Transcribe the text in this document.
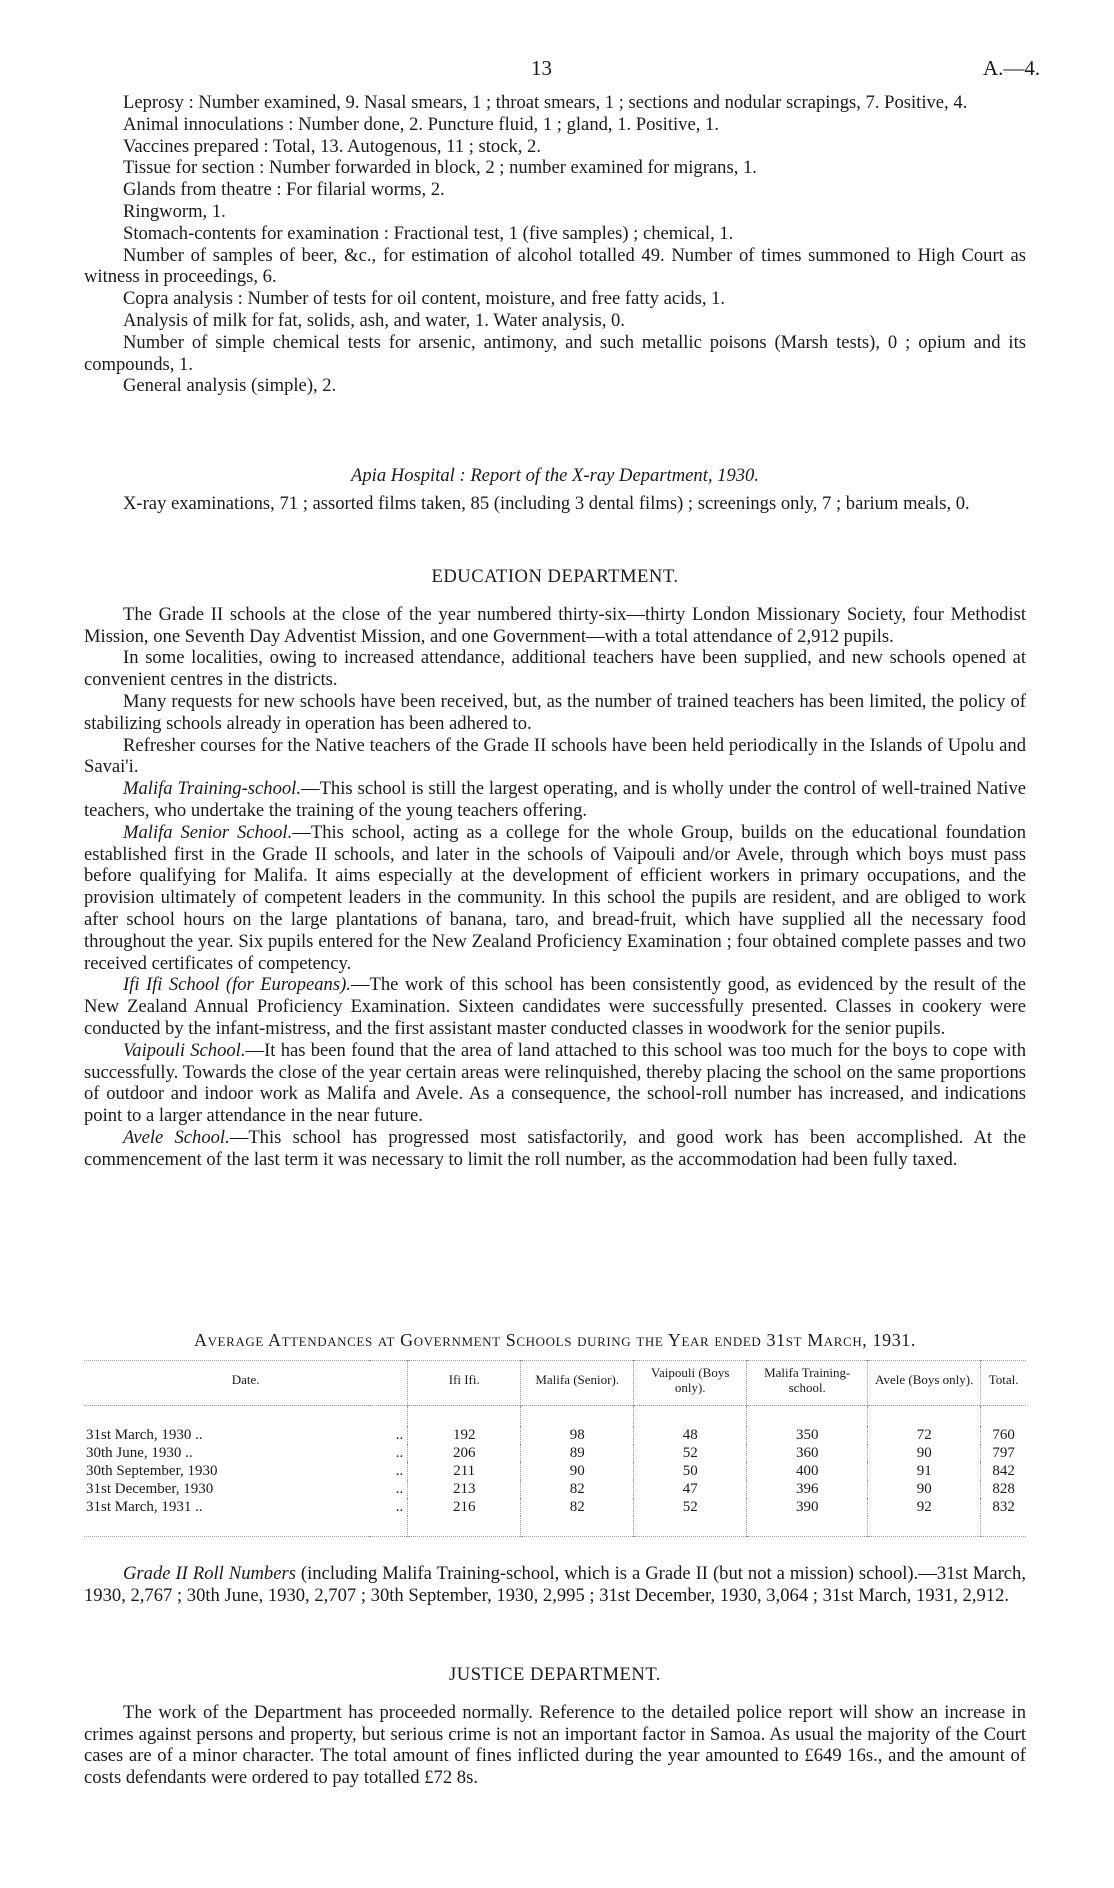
13	A.—4.

Leprosy : Number examined, 9. Nasal smears, 1 ; throat smears, 1 ; sections and nodular scrapings, 7. Positive, 4.

Animal innoculations : Number done, 2. Puncture fluid, 1 ; gland, 1. Positive, 1.

Vaccines prepared : Total, 13. Autogenous, 11 ; stock, 2.

Tissue for section : Number forwarded in block, 2 ; number examined for migrans, 1.

Glands from theatre : For filarial worms, 2.

Ringworm, 1.

Stomach-contents for examination : Fractional test, 1 (five samples) ; chemical, 1.

Number of samples of beer, &c., for estimation of alcohol totalled 49. Number of times summoned to High Court as witness in proceedings, 6.

Copra analysis : Number of tests for oil content, moisture, and free fatty acids, 1.

Analysis of milk for fat, solids, ash, and water, 1. Water analysis, 0.

Number of simple chemical tests for arsenic, antimony, and such metallic poisons (Marsh tests), 0 ; opium and its compounds, 1.

General analysis (simple), 2.

Apia Hospital : Report of the X-ray Department, 1930.

X-ray examinations, 71 ; assorted films taken, 85 (including 3 dental films) ; screenings only, 7 ; barium meals, 0.

EDUCATION DEPARTMENT.

The Grade II schools at the close of the year numbered thirty-six—thirty London Missionary Society, four Methodist Mission, one Seventh Day Adventist Mission, and one Government—with a total attendance of 2,912 pupils.

In some localities, owing to increased attendance, additional teachers have been supplied, and new schools opened at convenient centres in the districts.

Many requests for new schools have been received, but, as the number of trained teachers has been limited, the policy of stabilizing schools already in operation has been adhered to.

Refresher courses for the Native teachers of the Grade II schools have been held periodically in the Islands of Upolu and Savai'i.

Malifa Training-school.—This school is still the largest operating, and is wholly under the control of well-trained Native teachers, who undertake the training of the young teachers offering.

Malifa Senior School.—This school, acting as a college for the whole Group, builds on the educational foundation established first in the Grade II schools, and later in the schools of Vaipouli and/or Avele, through which boys must pass before qualifying for Malifa. It aims especially at the development of efficient workers in primary occupations, and the provision ultimately of competent leaders in the community. In this school the pupils are resident, and are obliged to work after school hours on the large plantations of banana, taro, and bread-fruit, which have supplied all the necessary food throughout the year. Six pupils entered for the New Zealand Proficiency Examination ; four obtained complete passes and two received certificates of competency.

Ifi Ifi School (for Europeans).—The work of this school has been consistently good, as evidenced by the result of the New Zealand Annual Proficiency Examination. Sixteen candidates were successfully presented. Classes in cookery were conducted by the infant-mistress, and the first assistant master conducted classes in woodwork for the senior pupils.

Vaipouli School.—It has been found that the area of land attached to this school was too much for the boys to cope with successfully. Towards the close of the year certain areas were relinquished, thereby placing the school on the same proportions of outdoor and indoor work as Malifa and Avele. As a consequence, the school-roll number has increased, and indications point to a larger attendance in the near future.

Avele School.—This school has progressed most satisfactorily, and good work has been accomplished. At the commencement of the last term it was necessary to limit the roll number, as the accommodation had been fully taxed.

Average Attendances at Government Schools during the Year ended 31st March, 1931.

Date.		Ifi Ifi.	Malifa (Senior).	Vaipouli (Boys only).	Malifa Training-school.	Avele (Boys only).	Total.

31st March, 1930 ..	..	192	98	48	350	72	760
30th June, 1930 ..	..	206	89	52	360	90	797
30th September, 1930	..	211	90	50	400	91	842
31st December, 1930	..	213	82	47	396	90	828
31st March, 1931 ..	..	216	82	52	390	92	832

Grade II Roll Numbers (including Malifa Training-school, which is a Grade II (but not a mission) school).—31st March, 1930, 2,767 ; 30th June, 1930, 2,707 ; 30th September, 1930, 2,995 ; 31st December, 1930, 3,064 ; 31st March, 1931, 2,912.

JUSTICE DEPARTMENT.

The work of the Department has proceeded normally. Reference to the detailed police report will show an increase in crimes against persons and property, but serious crime is not an important factor in Samoa. As usual the majority of the Court cases are of a minor character. The total amount of fines inflicted during the year amounted to £649 16s., and the amount of costs defendants were ordered to pay totalled £72 8s.
